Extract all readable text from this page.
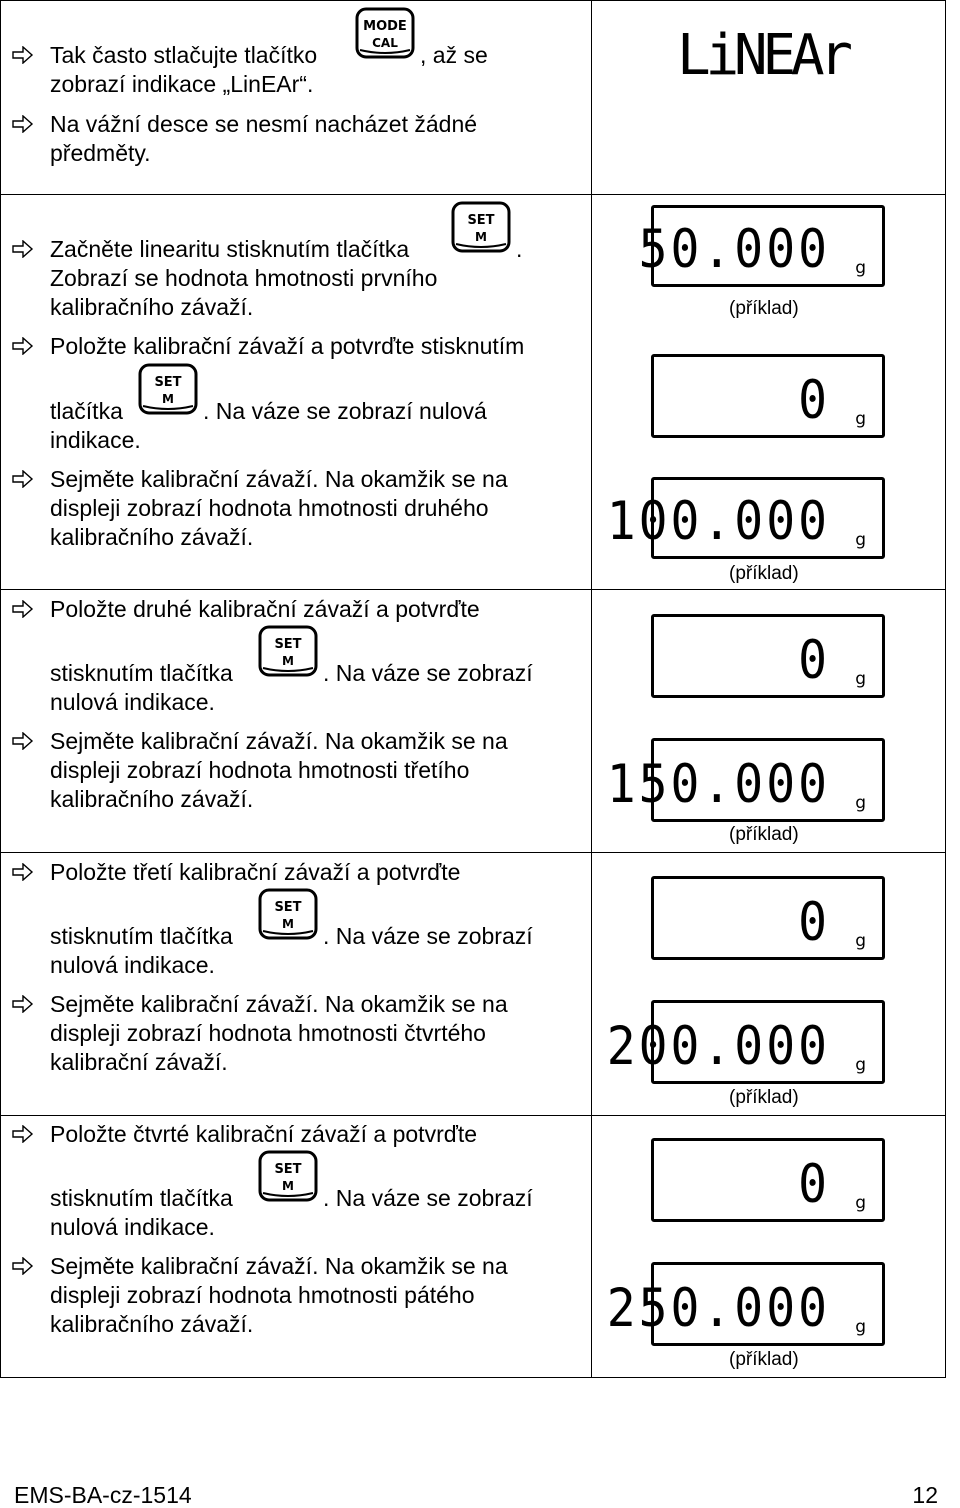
Tak často stlačujte tlačítko
MODE
CAL , až se
zobrazí indikace „LinEAr“.
Na vážní desce se nesmí nacházet žádné
předměty.
LiNEAr
Začněte linearitu stisknutím tlačítka
SET
M .
Zobrazí se hodnota hmotnosti prvního
kalibračního závaží.
Položte kalibrační závaží a potvrďte stisknutím
tlačítka
SET
M . Na váze se zobrazí nulová
indikace.
Sejměte kalibrační závaží. Na okamžik se na
displeji zobrazí hodnota hmotnosti druhého
kalibračního závaží.
50.000 g
(příklad)
0 g
100.000 g
(příklad)
Položte druhé kalibrační závaží a potvrďte
stisknutím tlačítka
SET
M . Na váze se zobrazí
nulová indikace.
Sejměte kalibrační závaží. Na okamžik se na
displeji zobrazí hodnota hmotnosti třetího
kalibračního závaží.
0 g
150.000 g
(příklad)
Položte třetí kalibrační závaží a potvrďte
stisknutím tlačítka
SET
M . Na váze se zobrazí
nulová indikace.
Sejměte kalibrační závaží. Na okamžik se na
displeji zobrazí hodnota hmotnosti čtvrtého
kalibrační závaží.
0 g
200.000 g
(příklad)
Položte čtvrté kalibrační závaží a potvrďte
stisknutím tlačítka
SET
M . Na váze se zobrazí
nulová indikace.
Sejměte kalibrační závaží. Na okamžik se na
displeji zobrazí hodnota hmotnosti pátého
kalibračního závaží.
0 g
250.000 g
(příklad)
EMS-BA-cz-1514	12
